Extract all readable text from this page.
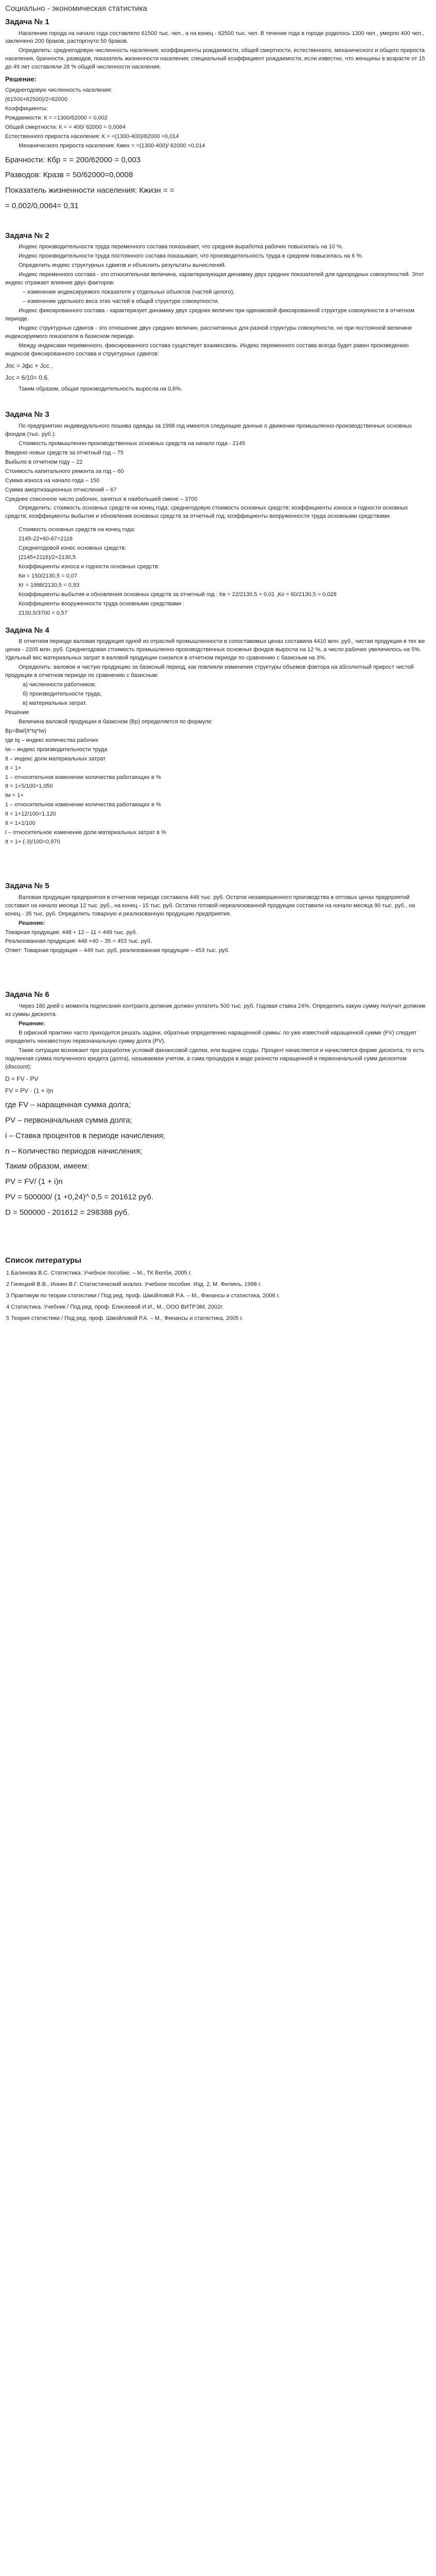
Социально - экономическая статистика
Задача № 1

Население города на начало года составляло 61500 тыс. чел., а на конец - 62500 тыс. чел. В течение года в городе родилось 1300 чел., умерло 400 чел., заключено 200 браков, расторгнуто 50 браков.

Определить: среднегодовую численность населения; коэффициенты рождаемости, общей смертности, естественного, механического и общего прироста населения, брачности, разводов, показатель жизненности населения; специальный коэффициент рождаемости, если известно, что женщины в возрасте от 15 до 49 лет составляли 28 % общей численности населения.

Решение:

Среднегодовую численность населения:

(61500+62500)/2=62000

Коэффициенты:

Рождаемости: К = =1300/62000 = 0,002

Общей смертности: К = = 400/ 62000 = 0,0064

Естественного прироста населения: К = =(1300-400)/62000 =0,014

Механического прироста населения: Кмех = =(1300-400)/ 62000 =0,014

Брачности: Кбр = = 200/62000 = 0,003

Разводов: Кразв = 50/62000=0,0008

Показатель жизненности населения: Кжизн = =

= 0,002/0,0064= 0,31

Задача № 2

Индекс производительности труда переменного состава показывает, что средняя выработка рабочих повысилась на 10 %.

Индекс производительности труда постоянного состава показывает, что производительность труда в среднем повысилась на 6 %.

Определить индекс структурных сдвигов и объяснить результаты вычислений.

Индекс переменного состава - это относительная величина, характеризующая динамику двух средних показателей для однородных совокупностей. Этот индекс отражает влияние двух факторов:

– изменение индексируемого показателя у отдельных объектов (частей целого);

– изменение удельного веса этих частей в общей структуре совокупности.

Индекс фиксированного состава - характеризует динамику двух средних величин при одинаковой фиксированной структуре совокупности в отчетном периоде.

Индекс структурных сдвигов - это отношение двух средних величин, рассчитанных для разной структуры совокупности, но при постоянной величине индексируемого показателя в базисном периоде.

Между индексами переменного, фиксированного состава существует взаимосвязь. Индекс переменного состава всегда будет равен произведению индексов фиксированного состава и структурных сдвигов:

Jпс = Jфс × Jсс ,

Jсс = 6/10= 0,6.

Таким образом, общая производительность выросла на 0,6%.

Задача № 3

По предприятию индивидуального пошива одежды за 1998 год имеются следующие данные о движении промышленно-производственных основных фондов (тыс. руб.):

Стоимость промышленно-производственных основных средств на начало года - 2145

Введено новых средств за отчетный год – 75

Выбыло в отчетном году – 22

Стоимость капитального ремонта за год – 60

Сумма износа на начало года – 150

Сумма амортизационных отчислений – 67

Среднее списочное число рабочих, занятых в наибольшей смене – 3700

Определить: стоимость основных средств на конец года; среднегодовую стоимость основных средств; коэффициенты износа и годности основных средств; коэффициенты выбытия и обновления основных средств за отчетный год; коэффициенты вооруженности труда основными средствами.

Стоимость основных средств на конец года:

2145-22+60-67=2116

Среднегодовой износ основных средств:

(2145+2116)/2=2130,5

Коэффициенты износа и годности основных средств:

Ки = 150/2130,5 = 0,07

Кг = 1998/2130,5 = 0,93

Коэффициенты выбытия и обновления основных средств за отчетный год : Кв = 22/2130,5 = 0,01 ,Ко = 60/2130,5 = 0,028

Коэффициенты вооруженности труда основными средствами :

2130,5/3700 = 0,57

Задача № 4

В отчетном периоде валовая продукция одной из отраслей промышленности в сопоставимых ценах составила 4410 млн. руб., чистая продукция в тех же ценах - 2205 млн. руб. Среднегодовая стоимость промышленно-производственных основных фондов выросла на 12 %, а число рабочих увеличилось на 5%. Удельный вес материальных затрат в валовой продукции снизился в отчетном периоде по сравнению с базисным на 3%.

Определить: валовое и чистую продукцию за базисный период, как повлияли изменения структуры объемов фактора на абсолютный прирост чистой продукции в отчетном периоде по сравнению с базисным:

а) численности работников;

б) производительности труда;

в) материальных затрат.

Решение

Величина валовой продукции в базисном (Вр) определяется по формуле:

Вр=Вм/(It*Iq*Iw)

где Iq – индекс количества рабочих

Iw – индекс производительности труда

It – индекс доли материальных затрат

It = 1+

1 – относительное изменение количества работающих в %

It = 1+5/100=1,050

Iм = 1+

1 – относительное изменение количества работающих в %

It = 1+12/100=1,120

It = 1+1/100

I – относительное изменение доли материальных затрат в %

It = 1+ (-3)/100=0,970

Задача № 5

Валовая продукция предприятия в отчетном периоде составила 448 тыс. руб. Остаток незавершенного производства в оптовых ценах предприятий составил на начало месяца 12 тыс. руб., на конец - 15 тыс. руб. Остатки готовой нереализованной продукции составили на начало месяца 90 тыс. руб., на конец - 35 тыс. руб. Определить товарную и реализованную продукцию предприятия.

Решение:

Товарная продукция: 448 + 12 – 11 = 449 тыс. руб.

Реализованная продукция: 448 +40 – 35 = 453 тыс. руб.

Ответ: Товарная продукция – 449 тыс. руб, реализованная продукция – 453 тыс. руб.

Задача № 6

Через 180 дней с момента подписания контракта должник должен уплатить 500 тыс. руб. Годовая ставка 24%. Определить какую сумму получит должник из суммы дисконта.

Решение:

В офисной практике часто приходится решать задачи, обратные определению наращенной суммы: по уже известной наращенной сумме (FV) следует определить неизвестную первоначальную сумму долга (PV).

Такие ситуации возникают при разработке условий финансовой сделки, или выдаче ссуды. Процент начисляется и начисляется форме дисконта, то есть подлинная сумма полученного кредита (долга), называемая учетом, а сама процедура в виде разности наращенной и первоначальной сумм дисконтом (discount):

D = FV - PV

FV = PV · (1 + i)n

где FV – наращенная сумма долга;

PV – первоначальная сумма долга;

i – Ставка процентов в периоде начисления;

n – Количество периодов начисления;

Таким образом, имеем:

PV = FV/ (1 + i)n

PV = 500000/ (1 +0,24)^ 0,5 = 201612 руб.

D = 500000 - 201612 = 298388 руб.

Список литературы

1 Балинова В.С. Статистика: Учебное пособие. – М., ТК Велби, 2005 г.

2 Гинецкий В.В., Ионин В.Г. Статистический анализ. Учебное пособие. Изд. 2, М. Филинъ, 1998 г.

3 Практикум по теории статистики / Под ред. проф. Шмойловой Р.А. – М., Финансы и статистика, 2006 г.

4 Статистика. Учебник / Под ред. проф. Елисеевой И.И., М., ООО ВИТРЭМ, 2002г.

5 Теория статистики / Под ред. проф. Шмойловой Р.А. – М., Финансы и статистика, 2005 г.
